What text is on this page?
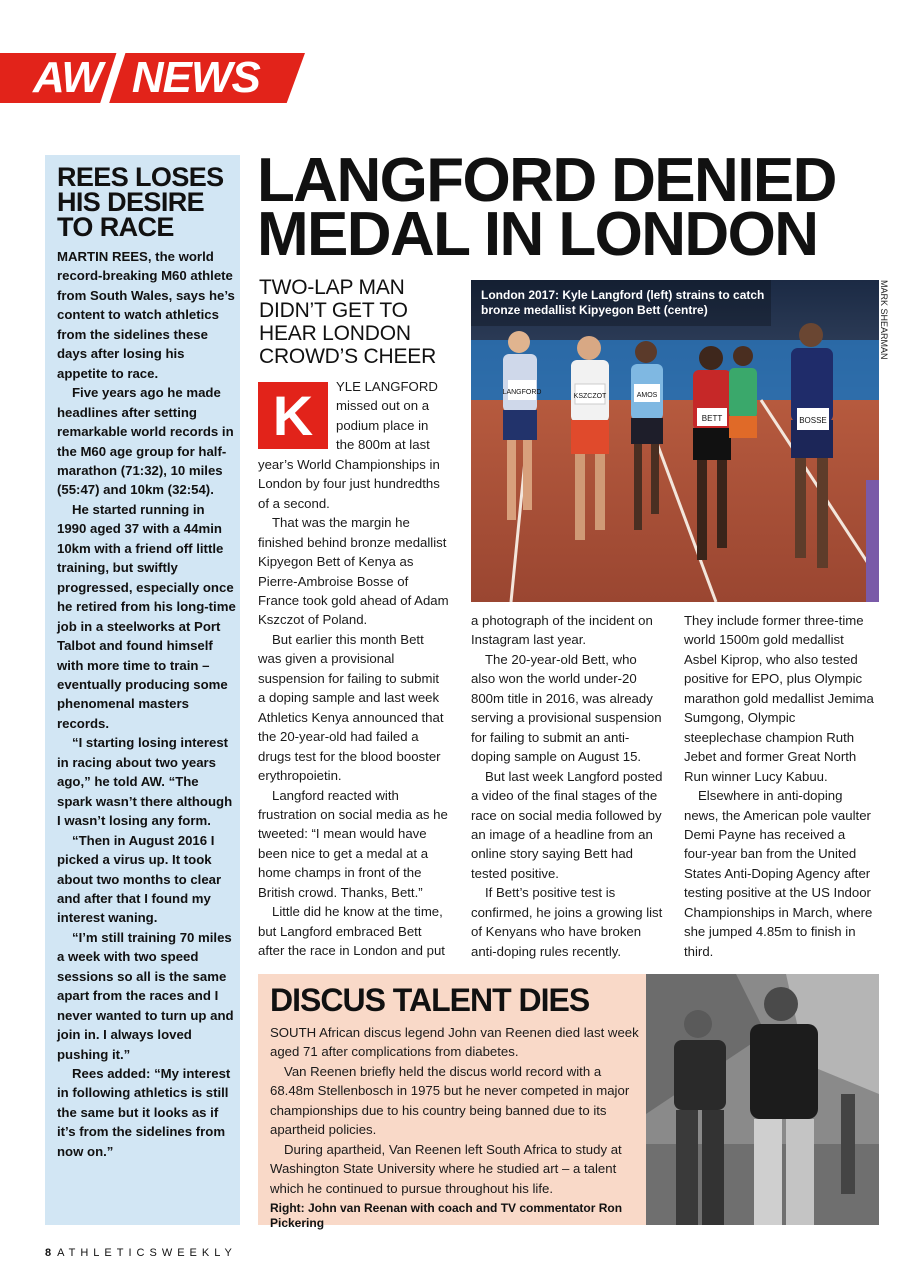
AW NEWS
REES LOSES HIS DESIRE TO RACE

MARTIN REES, the world record-breaking M60 athlete from South Wales, says he’s content to watch athletics from the sidelines these days after losing his appetite to race.

Five years ago he made headlines after setting remarkable world records in the M60 age group for half-marathon (71:32), 10 miles (55:47) and 10km (32:54).

He started running in 1990 aged 37 with a 44min 10km with a friend off little training, but swiftly progressed, especially once he retired from his long-time job in a steelworks at Port Talbot and found himself with more time to train – eventually producing some phenomenal masters records.

“I starting losing interest in racing about two years ago,” he told AW. “The spark wasn’t there although I wasn’t losing any form.

“Then in August 2016 I picked a virus up. It took about two months to clear and after that I found my interest waning.

“I’m still training 70 miles a week with two speed sessions so all is the same apart from the races and I never wanted to turn up and join in. I always loved pushing it.”

Rees added: “My interest in following athletics is still the same but it looks as if it’s from the sidelines from now on.”

LANGFORD DENIED MEDAL IN LONDON
TWO-LAP MAN DIDN’T GET TO HEAR LONDON CROWD’S CHEER
LANGFORD
KSZCZOT	AMOS
BETT	BOSSE
London 2017: Kyle Langford (left) strains to catch bronze medallist Kipyegon Bett (centre)	MARK SHEARMAN

K	YLE LANGFORD missed out on a podium place in the 800m at last year’s World Championships in London by four just hundredths of a second.

That was the margin he finished behind bronze medallist Kipyegon Bett of Kenya as Pierre-Ambroise Bosse of France took gold ahead of Adam Kszczot of Poland.

But earlier this month Bett was given a provisional suspension for failing to submit a doping sample and last week Athletics Kenya announced that the 20-year-old had failed a drugs test for the blood booster erythropoietin.

Langford reacted with frustration on social media as he tweeted: “I mean would have been nice to get a medal at a home champs in front of the British crowd. Thanks, Bett.”

Little did he know at the time, but Langford embraced Bett after the race in London and put

a photograph of the incident on Instagram last year.

The 20-year-old Bett, who also won the world under-20 800m title in 2016, was already serving a provisional suspension for failing to submit an anti-doping sample on August 15.

But last week Langford posted a video of the final stages of the race on social media followed by an image of a headline from an online story saying Bett had tested positive.

If Bett’s positive test is confirmed, he joins a growing list of Kenyans who have broken anti-doping rules recently.

They include former three-time world 1500m gold medallist Asbel Kiprop, who also tested positive for EPO, plus Olympic marathon gold medallist Jemima Sumgong, Olympic steeplechase champion Ruth Jebet and former Great North Run winner Lucy Kabuu.

Elsewhere in anti-doping news, the American pole vaulter Demi Payne has received a four-year ban from the United States Anti-Doping Agency after testing positive at the US Indoor Championships in March, where she jumped 4.85m to finish in third.

DISCUS TALENT DIES

SOUTH African discus legend John van Reenen died last week aged 71 after complications from diabetes.

Van Reenen briefly held the discus world record with a 68.48m Stellenbosch in 1975 but he never competed in major championships due to his country being banned due to its apartheid policies.

During apartheid, Van Reenen left South Africa to study at Washington State University where he studied art – a talent which he continued to pursue throughout his life.

Right: John van Reenan with coach and TV commentator Ron Pickering
8 ATHLETICSWEEKLY
